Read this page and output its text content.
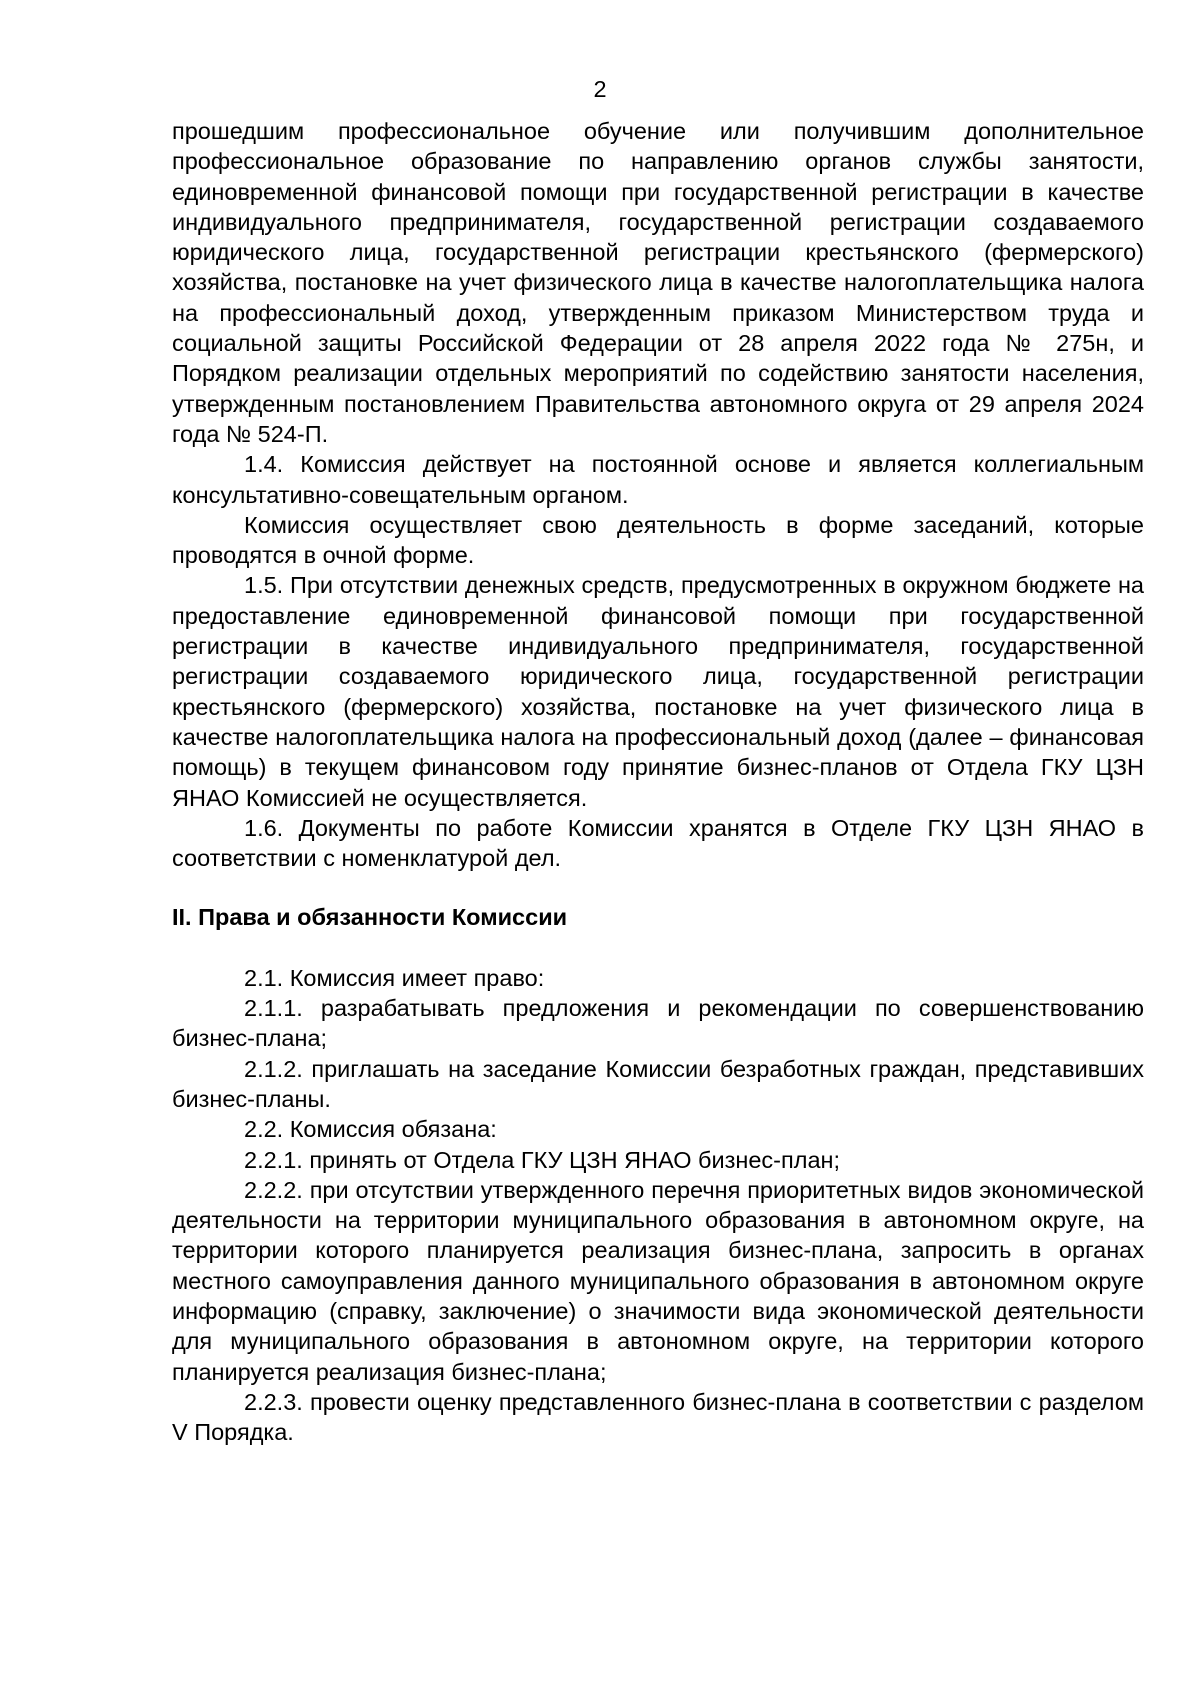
2

прошедшим профессиональное обучение или получившим дополнительное профессиональное образование по направлению органов службы занятости, единовременной финансовой помощи при государственной регистрации в качестве индивидуального предпринимателя, государственной регистрации создаваемого юридического лица, государственной регистрации крестьянского (фермерского) хозяйства, постановке на учет физического лица в качестве налогоплательщика налога на профессиональный доход, утвержденным приказом Министерством труда и социальной защиты Российской Федерации от 28 апреля 2022 года № 275н, и Порядком реализации отдельных мероприятий по содействию занятости населения, утвержденным постановлением Правительства автономного округа от 29 апреля 2024 года № 524-П.

1.4. Комиссия действует на постоянной основе и является коллегиальным консультативно-совещательным органом.

Комиссия осуществляет свою деятельность в форме заседаний, которые проводятся в очной форме.

1.5. При отсутствии денежных средств, предусмотренных в окружном бюджете на предоставление единовременной финансовой помощи при государственной регистрации в качестве индивидуального предпринимателя, государственной регистрации создаваемого юридического лица, государственной регистрации крестьянского (фермерского) хозяйства, постановке на учет физического лица в качестве налогоплательщика налога на профессиональный доход (далее – финансовая помощь) в текущем финансовом году принятие бизнес-планов от Отдела ГКУ ЦЗН ЯНАО Комиссией не осуществляется.

1.6. Документы по работе Комиссии хранятся в Отделе ГКУ ЦЗН ЯНАО в соответствии с номенклатурой дел.

II. Права и обязанности Комиссии

2.1. Комиссия имеет право:

2.1.1. разрабатывать предложения и рекомендации по совершенствованию бизнес-плана;

2.1.2. приглашать на заседание Комиссии безработных граждан, представивших бизнес-планы.

2.2. Комиссия обязана:

2.2.1. принять от Отдела ГКУ ЦЗН ЯНАО бизнес-план;

2.2.2. при отсутствии утвержденного перечня приоритетных видов экономической деятельности на территории муниципального образования в автономном округе, на территории которого планируется реализация бизнес-плана, запросить в органах местного самоуправления данного муниципального образования в автономном округе информацию (справку, заключение) о значимости вида экономической деятельности для муниципального образования в автономном округе, на территории которого планируется реализация бизнес-плана;

2.2.3. провести оценку представленного бизнес-плана в соответствии с разделом V Порядка.
